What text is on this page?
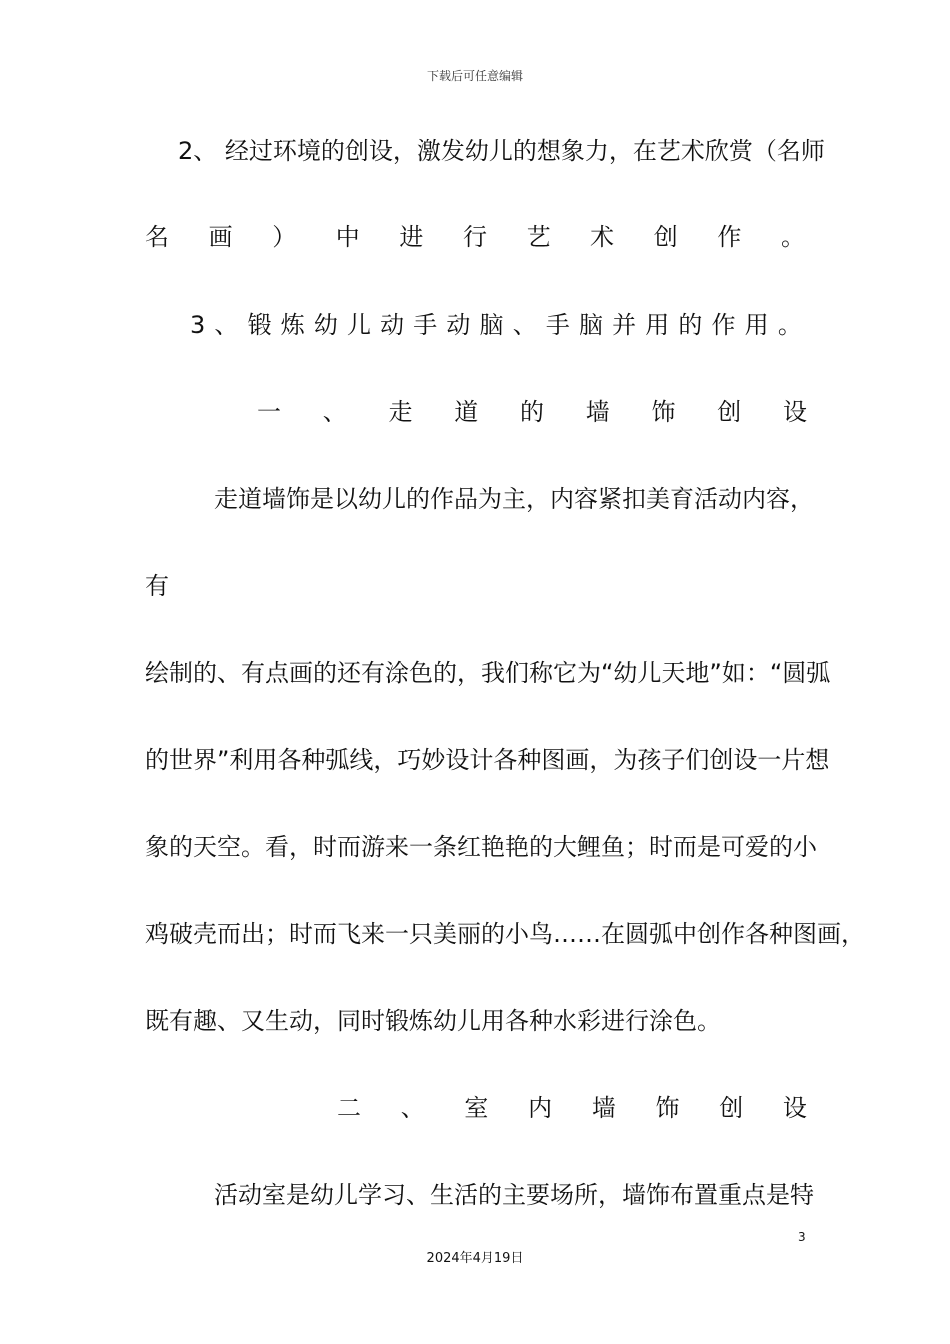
下载后可任意编辑
2、 经过环境的创设，激发幼儿的想象力，在艺术欣赏（名师
名 画 ） 中 进 行 艺 术 创 作 。
3 、 锻 炼 幼 儿 动 手 动 脑 、 手 脑 并 用 的 作 用 。
一 、 走 道 的 墙 饰 创 设
走道墙饰是以幼儿的作品为主，内容紧扣美育活动内容，
有
绘制的、有点画的还有涂色的，我们称它为“幼儿天地”如：“圆弧
的世界”利用各种弧线，巧妙设计各种图画，为孩子们创设一片想
象的天空。看，时而游来一条红艳艳的大鲤鱼；时而是可爱的小
鸡破壳而出；时而飞来一只美丽的小鸟……在圆弧中创作各种图画，
既有趣、又生动，同时锻炼幼儿用各种水彩进行涂色。
二 、 室 内 墙 饰 创 设
活动室是幼儿学习、生活的主要场所，墙饰布置重点是特
3
2024年4月19日
